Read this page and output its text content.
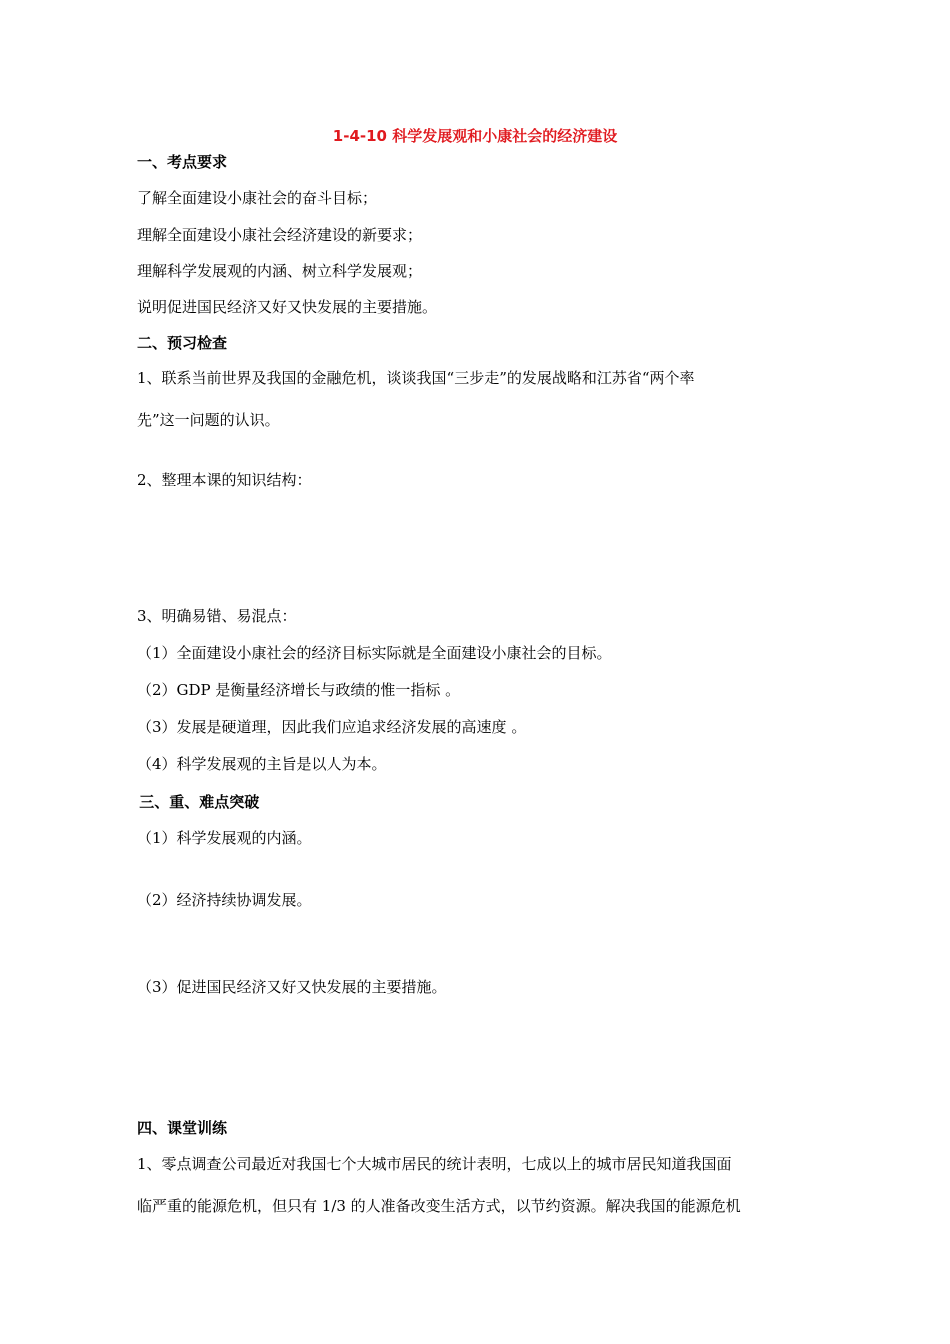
1-4-10 科学发展观和小康社会的经济建设
一、考点要求
了解全面建设小康社会的奋斗目标；
理解全面建设小康社会经济建设的新要求；
理解科学发展观的内涵、树立科学发展观；
说明促进国民经济又好又快发展的主要措施。
二、预习检查
1、联系当前世界及我国的金融危机，谈谈我国“三步走”的发展战略和江苏省“两个率
先”这一问题的认识。
2、整理本课的知识结构：
3、明确易错、易混点：
（1）全面建设小康社会的经济目标实际就是全面建设小康社会的目标。
（2）GDP 是衡量经济增长与政绩的惟一指标 。
（3）发展是硬道理，因此我们应追求经济发展的高速度 。
（4）科学发展观的主旨是以人为本。
三、重、难点突破
（1）科学发展观的内涵。
（2）经济持续协调发展。
（3）促进国民经济又好又快发展的主要措施。
四、课堂训练
1、零点调查公司最近对我国七个大城市居民的统计表明，七成以上的城市居民知道我国面
临严重的能源危机，但只有 1/3 的人准备改变生活方式，以节约资源。解决我国的能源危机
